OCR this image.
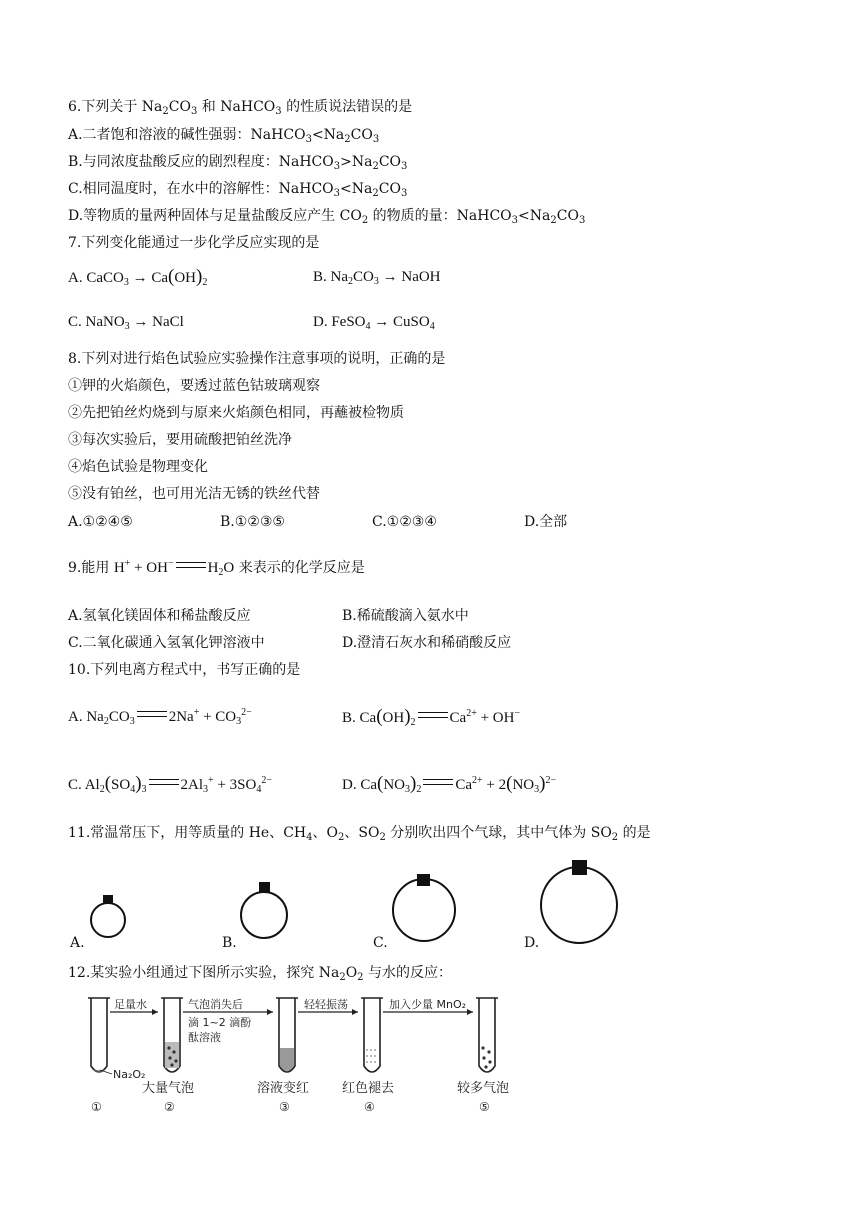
6.下列关于 $Na_2CO_3$ 和 NaHCO$_3$ 的性质说法错误的是
A.二者饱和溶液的碱性强弱：$NaHCO_3<Na_2CO_3$
B.与同浓度盐酸反应的剧烈程度：$NaHCO_3>Na_2CO_3$
C.相同温度时，在水中的溶解性：$NaHCO_3<Na_2CO_3$
D.等物质的量两种固体与足量盐酸反应产生 $CO_2$ 的物质的量：$NaHCO_3<Na_2CO_3$
7.下列变化能通过一步化学反应实现的是
A. CaCO$_3$ → $Ca(OH)_2$	B. $Na_2CO_3$ → NaOH
C. NaNO$_3$ → NaCl	D. FeSO$_4$ → CuSO$_4$
8.下列对进行焰色试验应实验操作注意事项的说明，正确的是
①钾的火焰颜色，要透过蓝色钴玻璃观察
②先把铂丝灼烧到与原来火焰颜色相同，再蘸被检物质
③每次实验后，要用硫酸把铂丝洗净
④焰色试验是物理变化
⑤没有铂丝，也可用光洁无锈的铁丝代替
A.①②④⑤	B.①②③⑤	C.①②③④	D.全部
9.能用 H+ + OH− $H_2O$ 来表示的化学反应是
A.氢氧化镁固体和稀盐酸反应	B.稀硫酸滴入氨水中
C.二氧化碳通入氢氧化钾溶液中	D.澄清石灰水和稀硝酸反应
10.下列电离方程式中，书写正确的是
A. $Na_2CO_3$ $2Na^+ + CO_3^{2-}$	B. $Ca(OH)_2$ $Ca^{2+} + OH^-$
C. $Al_2(SO_4)_3$ $2Al_3^+ + 3SO_4^{2-}$	D. $Ca(NO_3)_2$ $Ca^{2+} + 2(NO_3)^{2-}$
11.常温常压下，用等质量的 He、$CH_4$、$O_2$、$SO_2$ 分别吹出四个气球，其中气体为 $SO_2$ 的是
A.	B.	C.	D.
12.某实验小组通过下图所示实验，探究 $Na_2O_2$ 与水的反应：
足量水	气泡消失后
滴 1~2 滴酚
酞溶液
轻轻振荡	加入少量 MnO₂
Na₂O₂
大量气泡	溶液变红	红色褪去	较多气泡
①	②	③	④	⑤
